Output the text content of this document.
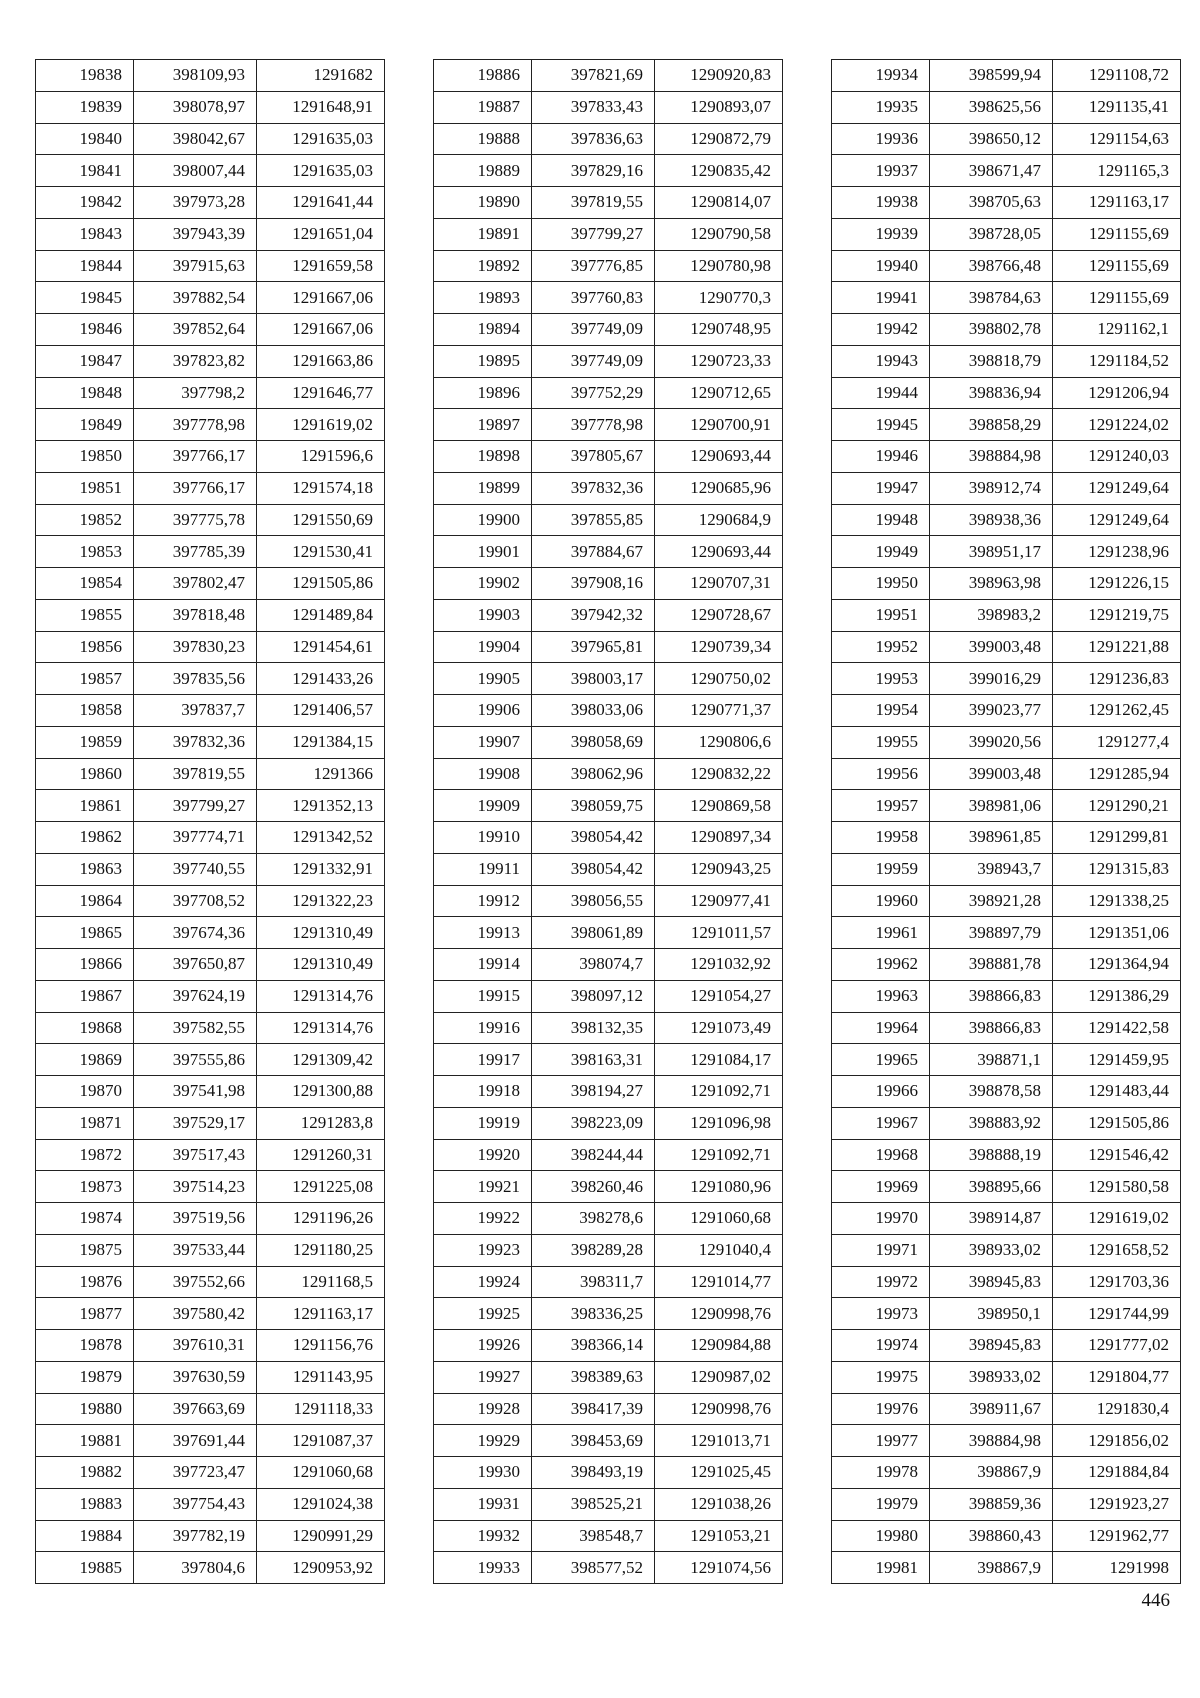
19838	398109,93	1291682
19839	398078,97	1291648,91
19840	398042,67	1291635,03
19841	398007,44	1291635,03
19842	397973,28	1291641,44
19843	397943,39	1291651,04
19844	397915,63	1291659,58
19845	397882,54	1291667,06
19846	397852,64	1291667,06
19847	397823,82	1291663,86
19848	397798,2	1291646,77
19849	397778,98	1291619,02
19850	397766,17	1291596,6
19851	397766,17	1291574,18
19852	397775,78	1291550,69
19853	397785,39	1291530,41
19854	397802,47	1291505,86
19855	397818,48	1291489,84
19856	397830,23	1291454,61
19857	397835,56	1291433,26
19858	397837,7	1291406,57
19859	397832,36	1291384,15
19860	397819,55	1291366
19861	397799,27	1291352,13
19862	397774,71	1291342,52
19863	397740,55	1291332,91
19864	397708,52	1291322,23
19865	397674,36	1291310,49
19866	397650,87	1291310,49
19867	397624,19	1291314,76
19868	397582,55	1291314,76
19869	397555,86	1291309,42
19870	397541,98	1291300,88
19871	397529,17	1291283,8
19872	397517,43	1291260,31
19873	397514,23	1291225,08
19874	397519,56	1291196,26
19875	397533,44	1291180,25
19876	397552,66	1291168,5
19877	397580,42	1291163,17
19878	397610,31	1291156,76
19879	397630,59	1291143,95
19880	397663,69	1291118,33
19881	397691,44	1291087,37
19882	397723,47	1291060,68
19883	397754,43	1291024,38
19884	397782,19	1290991,29
19885	397804,6	1290953,92
19886	397821,69	1290920,83
19887	397833,43	1290893,07
19888	397836,63	1290872,79
19889	397829,16	1290835,42
19890	397819,55	1290814,07
19891	397799,27	1290790,58
19892	397776,85	1290780,98
19893	397760,83	1290770,3
19894	397749,09	1290748,95
19895	397749,09	1290723,33
19896	397752,29	1290712,65
19897	397778,98	1290700,91
19898	397805,67	1290693,44
19899	397832,36	1290685,96
19900	397855,85	1290684,9
19901	397884,67	1290693,44
19902	397908,16	1290707,31
19903	397942,32	1290728,67
19904	397965,81	1290739,34
19905	398003,17	1290750,02
19906	398033,06	1290771,37
19907	398058,69	1290806,6
19908	398062,96	1290832,22
19909	398059,75	1290869,58
19910	398054,42	1290897,34
19911	398054,42	1290943,25
19912	398056,55	1290977,41
19913	398061,89	1291011,57
19914	398074,7	1291032,92
19915	398097,12	1291054,27
19916	398132,35	1291073,49
19917	398163,31	1291084,17
19918	398194,27	1291092,71
19919	398223,09	1291096,98
19920	398244,44	1291092,71
19921	398260,46	1291080,96
19922	398278,6	1291060,68
19923	398289,28	1291040,4
19924	398311,7	1291014,77
19925	398336,25	1290998,76
19926	398366,14	1290984,88
19927	398389,63	1290987,02
19928	398417,39	1290998,76
19929	398453,69	1291013,71
19930	398493,19	1291025,45
19931	398525,21	1291038,26
19932	398548,7	1291053,21
19933	398577,52	1291074,56
19934	398599,94	1291108,72
19935	398625,56	1291135,41
19936	398650,12	1291154,63
19937	398671,47	1291165,3
19938	398705,63	1291163,17
19939	398728,05	1291155,69
19940	398766,48	1291155,69
19941	398784,63	1291155,69
19942	398802,78	1291162,1
19943	398818,79	1291184,52
19944	398836,94	1291206,94
19945	398858,29	1291224,02
19946	398884,98	1291240,03
19947	398912,74	1291249,64
19948	398938,36	1291249,64
19949	398951,17	1291238,96
19950	398963,98	1291226,15
19951	398983,2	1291219,75
19952	399003,48	1291221,88
19953	399016,29	1291236,83
19954	399023,77	1291262,45
19955	399020,56	1291277,4
19956	399003,48	1291285,94
19957	398981,06	1291290,21
19958	398961,85	1291299,81
19959	398943,7	1291315,83
19960	398921,28	1291338,25
19961	398897,79	1291351,06
19962	398881,78	1291364,94
19963	398866,83	1291386,29
19964	398866,83	1291422,58
19965	398871,1	1291459,95
19966	398878,58	1291483,44
19967	398883,92	1291505,86
19968	398888,19	1291546,42
19969	398895,66	1291580,58
19970	398914,87	1291619,02
19971	398933,02	1291658,52
19972	398945,83	1291703,36
19973	398950,1	1291744,99
19974	398945,83	1291777,02
19975	398933,02	1291804,77
19976	398911,67	1291830,4
19977	398884,98	1291856,02
19978	398867,9	1291884,84
19979	398859,36	1291923,27
19980	398860,43	1291962,77
19981	398867,9	1291998
446
